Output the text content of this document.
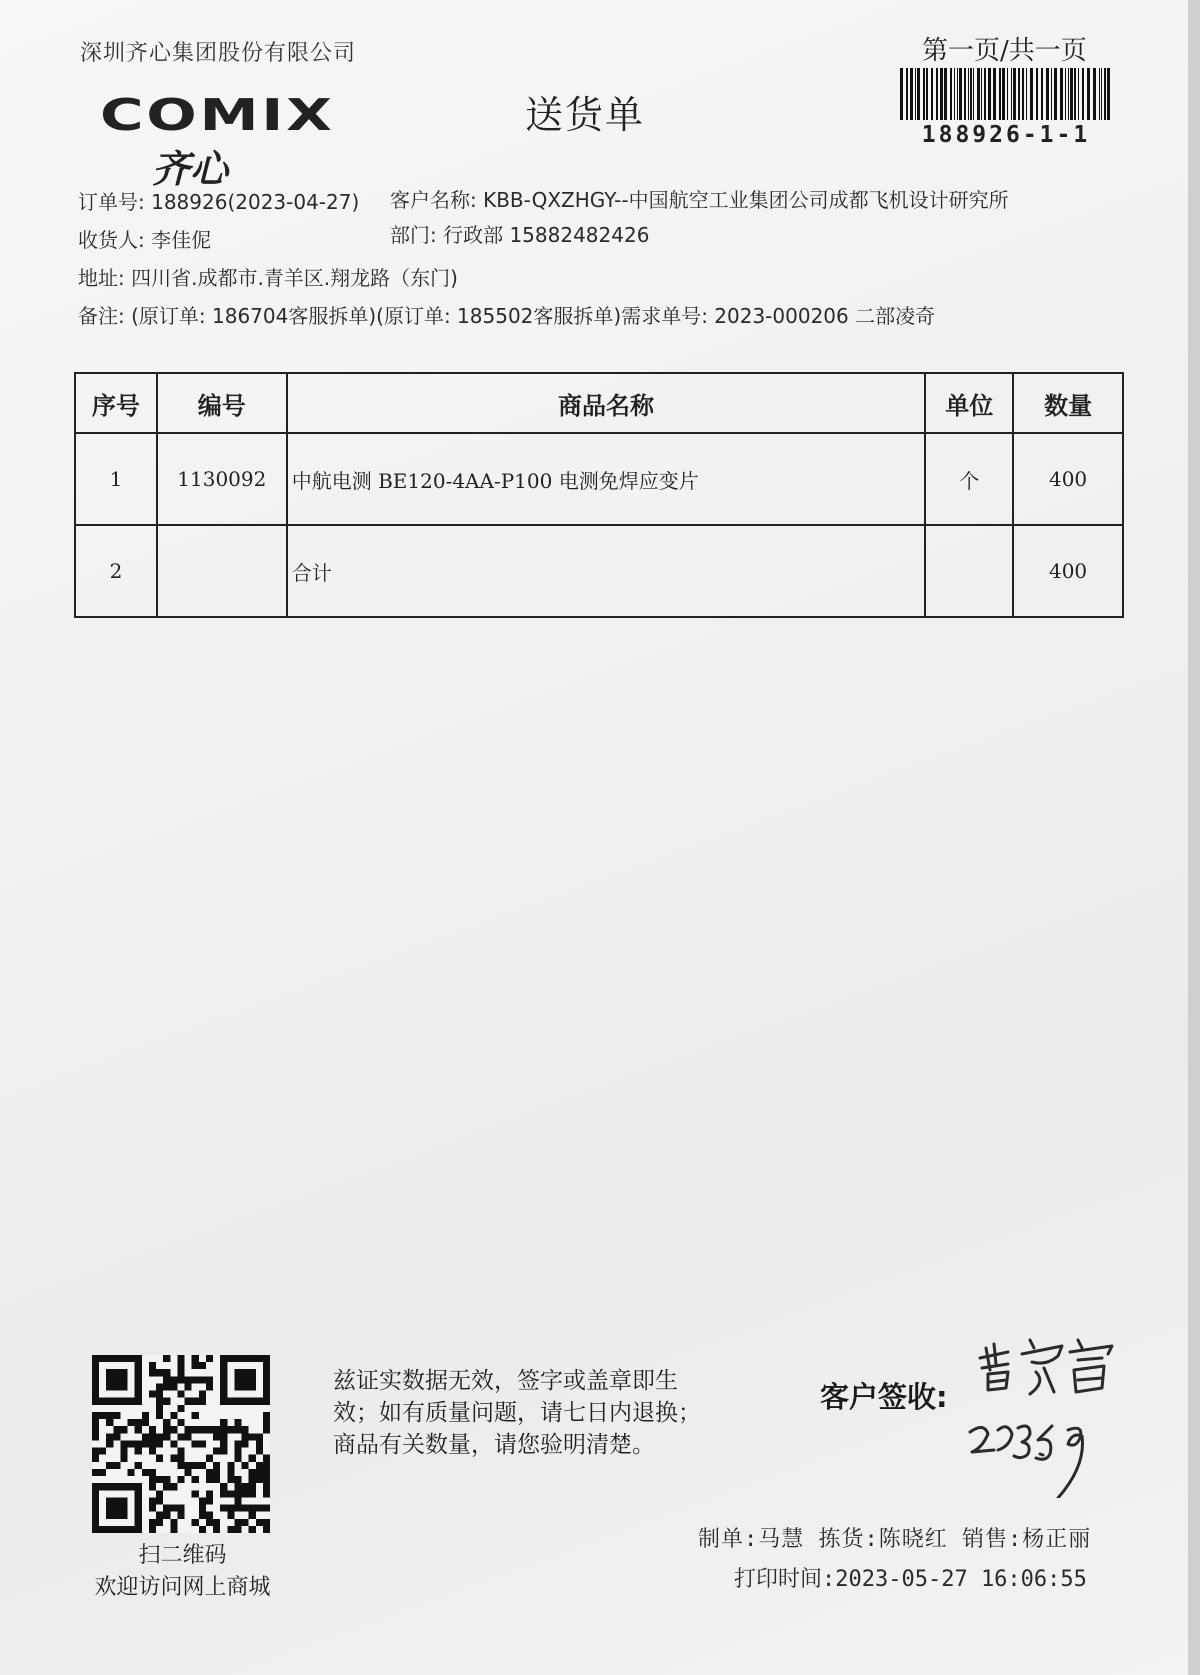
深圳齐心集团股份有限公司
COMIX
齐心
送货单
第一页/共一页
188926-1-1
订单号: 188926(2023-04-27) 客户名称: KBB-QXZHGY--中国航空工业集团公司成都飞机设计研究所
收货人: 李佳伲	部门: 行政部 15882482426
地址: 四川省.成都市.青羊区.翔龙路（东门)
备注: (原订单: 186704客服拆单)(原订单: 185502客服拆单)需求单号: 2023-000206 二部凌奇
序号	编号	商品名称	单位	数量
1	1130092	中航电测 BE120-4AA-P100 电测免焊应变片	个	400
2		合计		400
扫二维码
欢迎访问网上商城
兹证实数据无效，签字或盖章即生
效；如有质量问题，请七日内退换；
商品有关数量，请您验明清楚。
客户签收:
制单:马慧 拣货:陈晓红 销售:杨正丽
打印时间:2023-05-27 16:06:55
